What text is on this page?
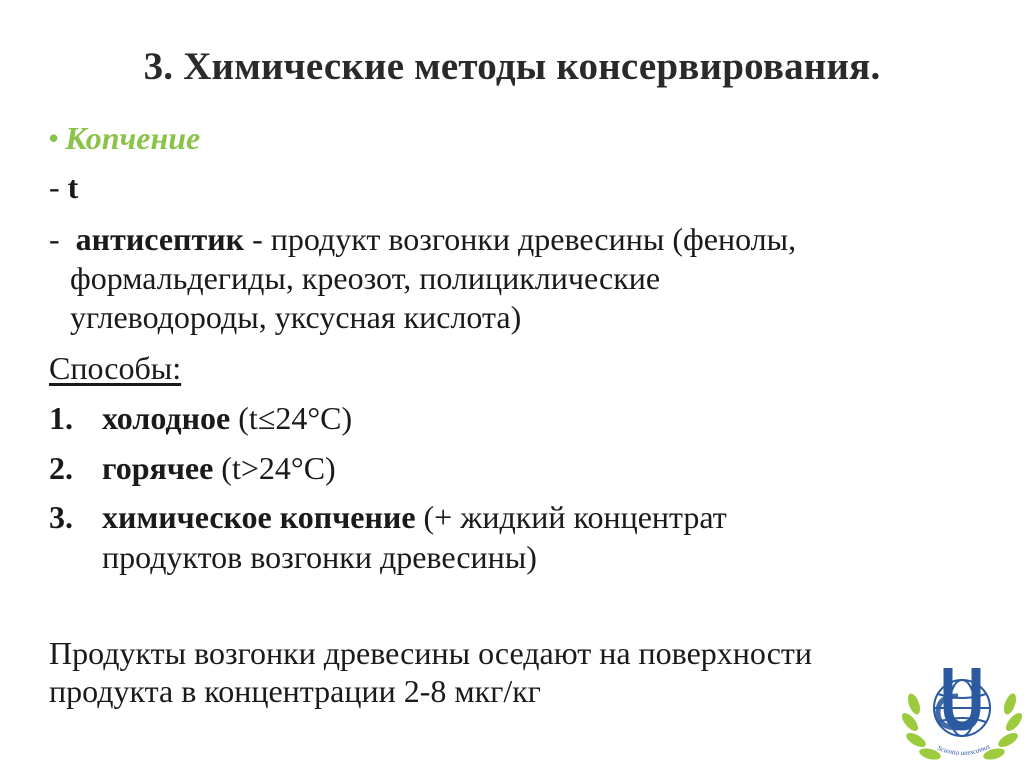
3. Химические методы консервирования.
• Копчение
- t
- антисептик - продукт возгонки древесины (фенолы,
формальдегиды, креозот, полициклические
углеводороды, уксусная кислота)
Способы:
1. холодное (t≤24°C)
2. горячее (t>24°C)
3. химическое копчение (+ жидкий концентрат
продуктов возгонки древесины)
Продукты возгонки древесины оседают на поверхности
продукта в концентрации 2-8 мкг/кг
Scientia unescamus
